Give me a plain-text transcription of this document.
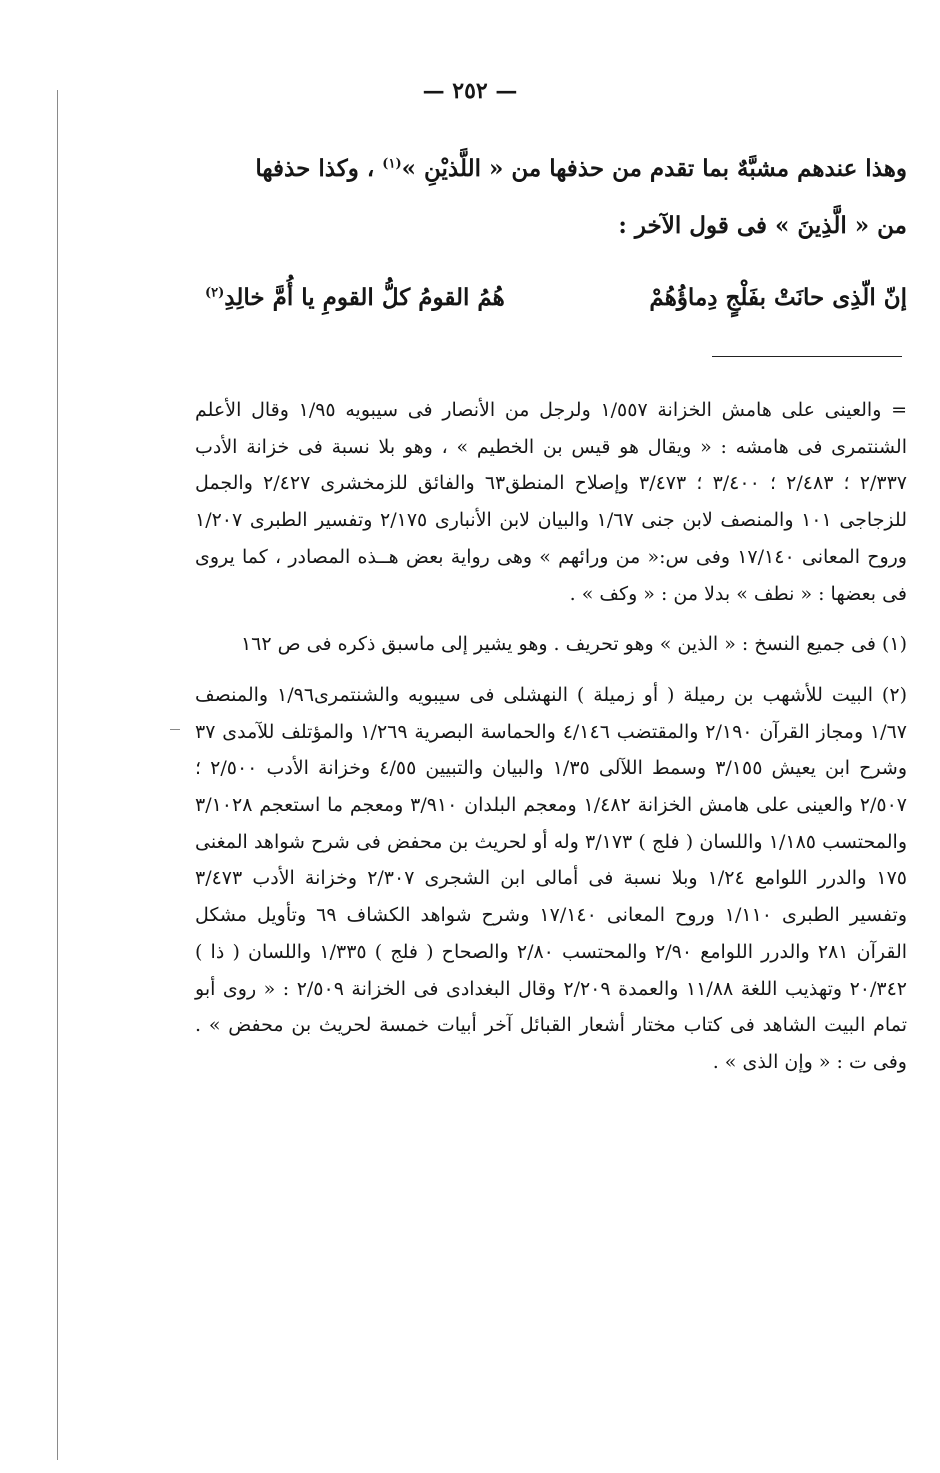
— ٢٥٢ —

وهذا عندهم مشبَّهٌ بما تقدم من حذفها من « اللَّذيْنِ »$^{(١)}$ ، وكذا حذفها

من « الَّذِينَ » فى قول الآخر :

إنّ الّذِى حانَتْ بفَلْجٍ دِماؤُهُمْ
هُمُ القومُ كلُّ القومِ يا أُمَّ خالِدِ$^{(٢)}$

= والعينى على هامش الخزانة ١/٥٥٧ ولرجل من الأنصار فى سيبويه ١/٩٥ وقال الأعلم الشنتمرى فى هامشه : « ويقال هو قيس بن الخطيم » ، وهو بلا نسبة فى خزانة الأدب ٢/٣٣٧ ؛ ٢/٤٨٣ ؛ ٣/٤٠٠ ؛ ٣/٤٧٣ وإصلاح المنطق٦٣ والفائق للزمخشرى ٢/٤٢٧ والجمل للزجاجى ١٠١ والمنصف لابن جنى ١/٦٧ والبيان لابن الأنبارى ٢/١٧٥ وتفسير الطبرى ١/٢٠٧ وروح المعانى ١٧/١٤٠ وفى س:« من ورائهم » وهى رواية بعض هــذه المصادر ، كما يروى فى بعضها : « نطف » بدلا من : « وكف » .

(١) فى جميع النسخ : « الذين » وهو تحريف . وهو يشير إلى ماسبق ذكره فى ص ١٦٢

(٢) البيت للأشهب بن رميلة ( أو زميلة ) النهشلى فى سيبويه والشنتمرى١/٩٦ والمنصف ١/٦٧ ومجاز القرآن ٢/١٩٠ والمقتضب ٤/١٤٦ والحماسة البصرية ١/٢٦٩ والمؤتلف للآمدى ٣٧ وشرح ابن يعيش ٣/١٥٥ وسمط اللآلى ١/٣٥ والبيان والتبيين ٤/٥٥ وخزانة الأدب ٢/٥٠٠ ؛ ٢/٥٠٧ والعينى على هامش الخزانة ١/٤٨٢ ومعجم البلدان ٣/٩١٠ ومعجم ما استعجم ٣/١٠٢٨ والمحتسب ١/١٨٥ واللسان ( فلج ) ٣/١٧٣ وله أو لحريث بن محفض فى شرح شواهد المغنى ١٧٥ والدرر اللوامع ١/٢٤ وبلا نسبة فى أمالى ابن الشجرى ٢/٣٠٧ وخزانة الأدب ٣/٤٧٣ وتفسير الطبرى ١/١١٠ وروح المعانى ١٧/١٤٠ وشرح شواهد الكشاف ٦٩ وتأويل مشكل القرآن ٢٨١ والدرر اللوامع ٢/٩٠ والمحتسب ٢/٨٠ والصحاح ( فلج ) ١/٣٣٥ واللسان ( ذا ) ٢٠/٣٤٢ وتهذيب اللغة ١١/٨٨ والعمدة ٢/٢٠٩ وقال البغدادى فى الخزانة ٢/٥٠٩ : « روى أبو تمام البيت الشاهد فى كتاب مختار أشعار القبائل آخر أبيات خمسة لحريث بن محفض » . وفى ت : « وإن الذى » .
